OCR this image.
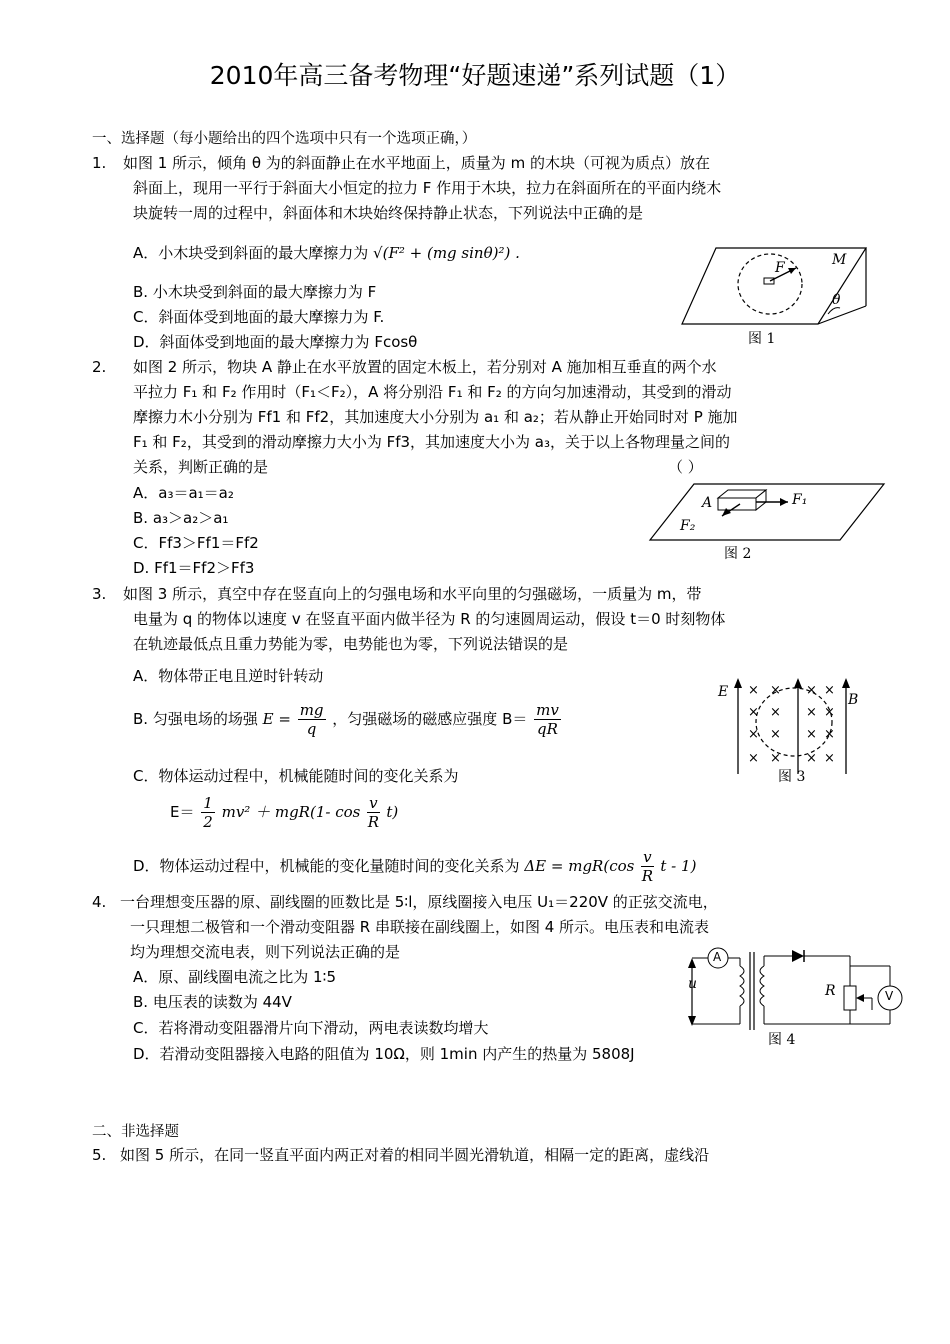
2010年高三备考物理“好题速递”系列试题（1）
一、选择题（每小题给出的四个选项中只有一个选项正确，）
1. 如图 1 所示，倾角 θ 为的斜面静止在水平地面上，质量为 m 的木块（可视为质点）放在
斜面上，现用一平行于斜面大小恒定的拉力 F 作用于木块，拉力在斜面所在的平面内绕木
块旋转一周的过程中，斜面体和木块始终保持静止状态，下列说法中正确的是
A．小木块受到斜面的最大摩擦力为 √(F² + (mg sinθ)²) .
B. 小木块受到斜面的最大摩擦力为 F
C．斜面体受到地面的最大摩擦力为 F.
D．斜面体受到地面的最大摩擦力为 Fcosθ
F	M
θ
图 1
2. 如图 2 所示，物块 A 静止在水平放置的固定木板上，若分别对 A 施加相互垂直的两个水
平拉力 F₁ 和 F₂ 作用时（F₁＜F₂），A 将分别沿 F₁ 和 F₂ 的方向匀加速滑动，其受到的滑动
摩擦力木小分别为 Ff1 和 Ff2，其加速度大小分别为 a₁ 和 a₂；若从静止开始同时对 P 施加
F₁ 和 F₂，其受到的滑动摩擦力大小为 Ff3，其加速度大小为 a₃，关于以上各物理量之间的
关系，判断正确的是	（ ）
A．a₃＝a₁＝a₂
B. a₃＞a₂＞a₁
C．Ff3＞Ff1＝Ff2
D. Ff1＝Ff2＞Ff3
A	F₁
F₂
图 2
3. 如图 3 所示，真空中存在竖直向上的匀强电场和水平向里的匀强磁场，一质量为 m，带
电量为 q 的物体以速度 v 在竖直平面内做半径为 R 的匀速圆周运动，假设 t＝0 时刻物体
在轨迹最低点且重力势能为零，电势能也为零，下列说法错误的是
A．物体带正电且逆时针转动
B. 匀强电场的场强 $E = \frac{mg}{q}$ ，匀强磁场的磁感应强度 $B= \frac{mv}{qR}$
C．物体运动过程中，机械能随时间的变化关系为
$E= \frac{1}{2} mv^2 + mgR(1-$ $\cos \frac{v}{R} t$)
D．物体运动过程中，机械能的变化量随时间的变化关系为 $\Delta E = mgR(\cos \frac{v}{R}$ t - 1)
× × × ×
× × × ×
× × × ×
× × × ×
E	B
图 3
4. 一台理想变压器的原、副线圈的匝数比是 5∶l，原线圈接入电压 U₁＝220V 的正弦交流电，
一只理想二极管和一个滑动变阻器 R 串联接在副线圈上，如图 4 所示。电压表和电流表
均为理想交流电表，则下列说法正确的是
A．原、副线圈电流之比为 1∶5
B. 电压表的读数为 44V
C．若将滑动变阻器滑片向下滑动，两电表读数均增大
D．若滑动变阻器接入电路的阻值为 10Ω，则 1min 内产生的热量为 5808J
u
A
R	V
图 4
二、非选择题
5. 如图 5 所示，在同一竖直平面内两正对着的相同半圆光滑轨道，相隔一定的距离，虚线沿
